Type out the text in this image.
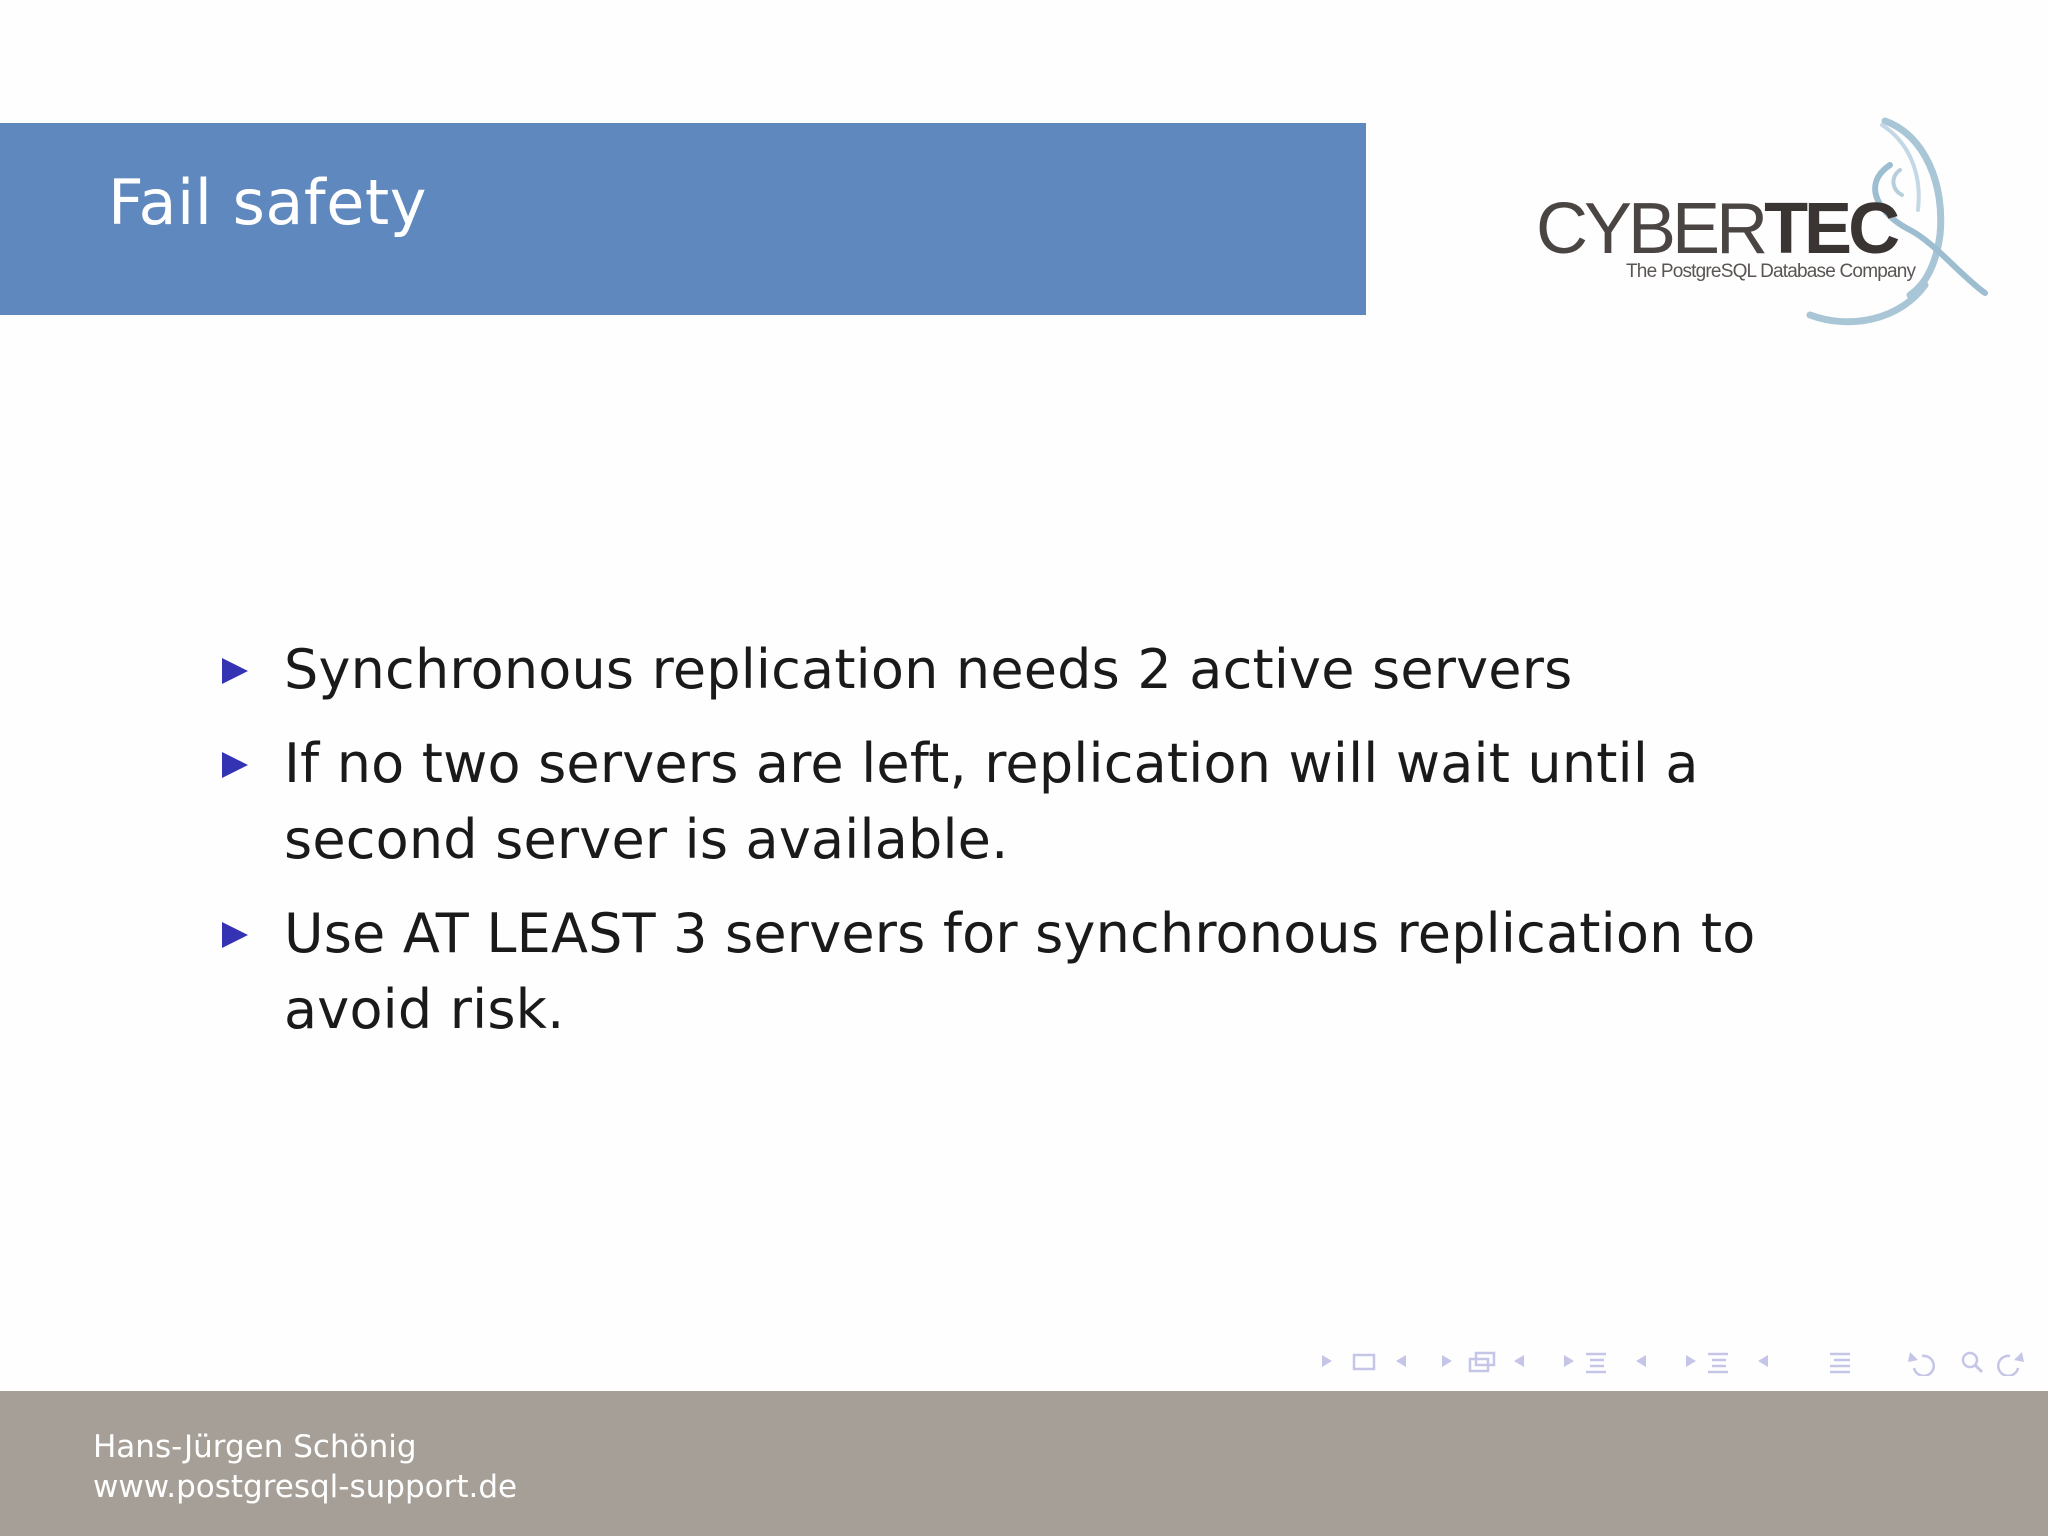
Fail safety	CYBERTEC
The PostgreSQL Database Company
Synchronous replication needs 2 active servers
If no two servers are left, replication will wait until a second server is available.
Use AT LEAST 3 servers for synchronous replication to avoid risk.
Hans-Jürgen Schönig
www.postgresql-support.de
